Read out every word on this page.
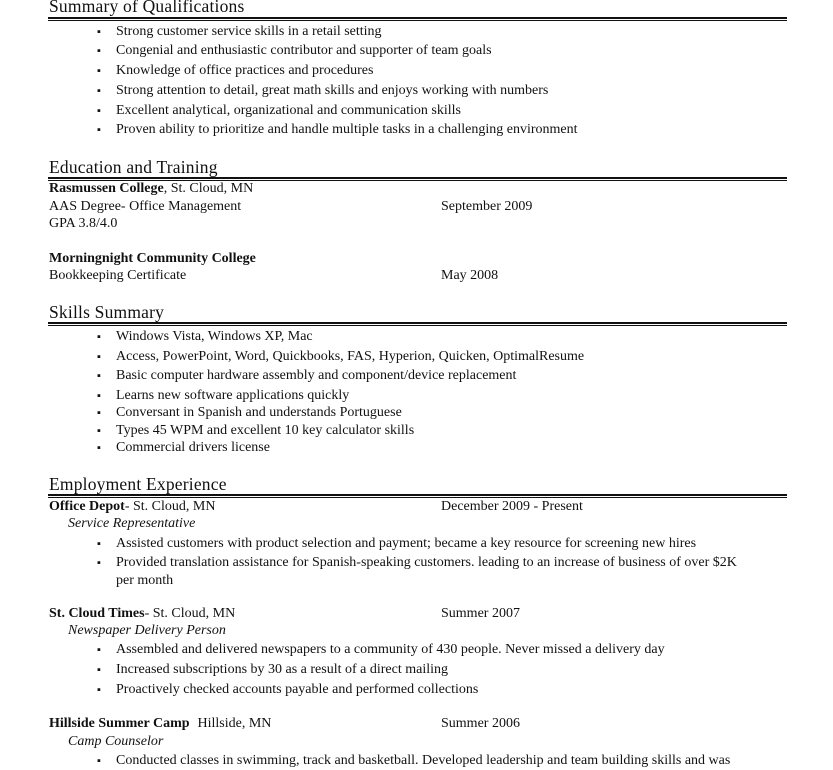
Summary of Qualifications
▪ Strong customer service skills in a retail setting
▪ Congenial and enthusiastic contributor and supporter of team goals
▪ Knowledge of office practices and procedures
▪ Strong attention to detail, great math skills and enjoys working with numbers
▪ Excellent analytical, organizational and communication skills
▪ Proven ability to prioritize and handle multiple tasks in a challenging environment
Education and Training
Rasmussen College, St. Cloud, MN
AAS Degree- Office Management	September 2009
GPA 3.8/4.0
Morningnight Community College
Bookkeeping Certificate	May 2008
Skills Summary
▪ Windows Vista, Windows XP, Mac
▪ Access, PowerPoint, Word, Quickbooks, FAS, Hyperion, Quicken, OptimalResume
▪ Basic computer hardware assembly and component/device replacement
▪ Learns new software applications quickly
▪ Conversant in Spanish and understands Portuguese
▪ Types 45 WPM and excellent 10 key calculator skills
▪ Commercial drivers license
Employment Experience
Office Depot- St. Cloud, MN	December 2009 - Present
Service Representative
▪ Assisted customers with product selection and payment; became a key resource for screening new hires
▪ Provided translation assistance for Spanish-speaking customers. leading to an increase of business of over $2K
per month
St. Cloud Times- St. Cloud, MN	Summer 2007
Newspaper Delivery Person
▪ Assembled and delivered newspapers to a community of 430 people. Never missed a delivery day
▪ Increased subscriptions by 30 as a result of a direct mailing
▪ Proactively checked accounts payable and performed collections
Hillside Summer Camp Hillside, MN	Summer 2006
Camp Counselor
▪ Conducted classes in swimming, track and basketball. Developed leadership and team building skills and was
